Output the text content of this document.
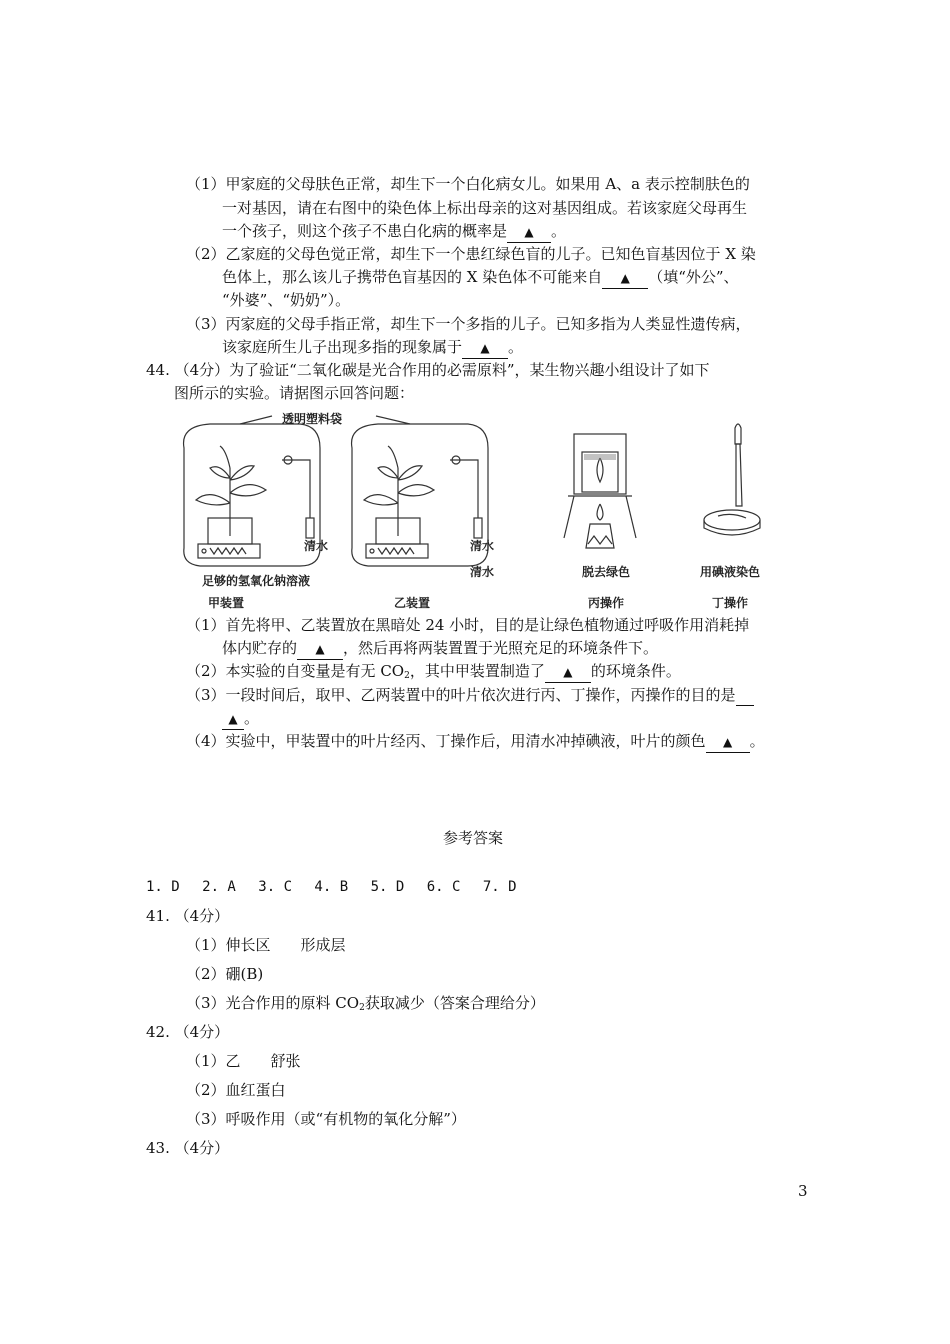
（1）甲家庭的父母肤色正常，却生下一个白化病女儿。如果用 A、a 表示控制肤色的
一对基因，请在右图中的染色体上标出母亲的这对基因组成。若该家庭父母再生
一个孩子，则这个孩子不患白化病的概率是 ▲ 。
（2）乙家庭的父母色觉正常，却生下一个患红绿色盲的儿子。已知色盲基因位于 X 染
色体上，那么该儿子携带色盲基因的 X 染色体不可能来自 ▲ （填“外公”、
“外婆”、“奶奶”）。
（3）丙家庭的父母手指正常，却生下一个多指的儿子。已知多指为人类显性遗传病，
该家庭所生儿子出现多指的现象属于 ▲ 。
44. （4分）为了验证“二氧化碳是光合作用的必需原料”，某生物兴趣小组设计了如下
图所示的实验。请据图示回答问题：
透明塑料袋
清水	清水
清水
足够的氢氧化钠溶液
脱去绿色	用碘液染色
甲装置	乙装置	丙操作	丁操作
（1）首先将甲、乙装置放在黑暗处 24 小时，目的是让绿色植物通过呼吸作用消耗掉
体内贮存的 ▲ ，然后再将两装置置于光照充足的环境条件下。
（2）本实验的自变量是有无 $CO_2$，其中甲装置制造了 ▲ 的环境条件。
（3）一段时间后，取甲、乙两装置中的叶片依次进行丙、丁操作，丙操作的目的是
▲ 。
（4）实验中，甲装置中的叶片经丙、丁操作后，用清水冲掉碘液，叶片的颜色 ▲ 。
参考答案
1. D　 2. A　 3. C　 4. B　 5. D　 6. C　 7. D
41. （4分）
（1）伸长区　　形成层
（2）硼(B)
（3）光合作用的原料 $CO_2$获取减少（答案合理给分）
42. （4分）
（1）乙　　舒张
（2）血红蛋白
（3）呼吸作用（或“有机物的氧化分解”）
43. （4分）
3
